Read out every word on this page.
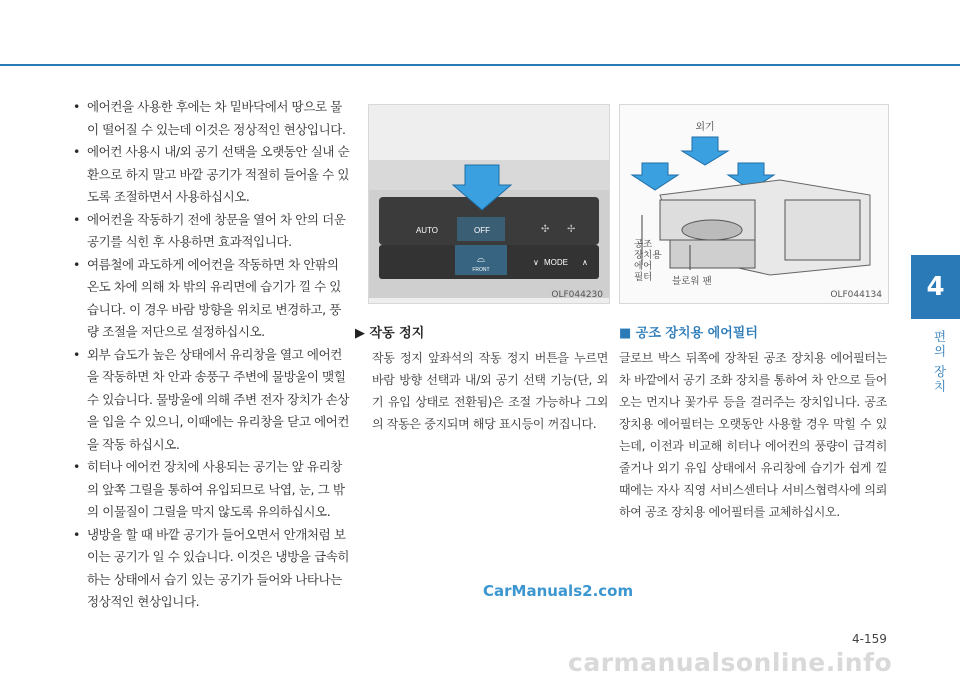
• 에어컨을 사용한 후에는 차 밑바닥에서 땅으로 물이 떨어질 수 있는데 이것은 정상적인 현상입니다.
• 에어컨 사용시 내/외 공기 선택을 오랫동안 실내 순환으로 하지 말고 바깥 공기가 적절히 들어올 수 있도록 조절하면서 사용하십시오.
• 에어컨을 작동하기 전에 창문을 열어 차 안의 더운 공기를 식힌 후 사용하면 효과적입니다.
• 여름철에 과도하게 에어컨을 작동하면 차 안팎의 온도 차에 의해 차 밖의 유리면에 습기가 낄 수 있습니다. 이 경우 바람 방향을 위치로 변경하고, 풍량 조절을 저단으로 설정하십시오.
• 외부 습도가 높은 상태에서 유리창을 열고 에어컨을 작동하면 차 안과 송풍구 주변에 물방울이 맺힐 수 있습니다. 물방울에 의해 주변 전자 장치가 손상을 입을 수 있으니, 이때에는 유리창을 닫고 에어컨을 작동 하십시오.
• 히터나 에어컨 장치에 사용되는 공기는 앞 유리창의 앞쪽 그릴을 통하여 유입되므로 낙엽, 눈, 그 밖의 이물질이 그릴을 막지 않도록 유의하십시오.
• 냉방을 할 때 바깥 공기가 들어오면서 안개처럼 보이는 공기가 일 수 있습니다. 이것은 냉방을 급속히 하는 상태에서 습기 있는 공기가 들어와 나타나는 정상적인 현상입니다.
AUTO	OFF	✣ ✢
⌓
FRONT
MODE
∨	∧
OLF044230
외기
공조
장치용
에어
필터	블로워 팬
OLF044134
▶ 작동 정지

작동 정지 앞좌석의 작동 정지 버튼을 누르면 바람 방향 선택과 내/외 공기 선택 기능(단, 외기 유입 상태로 전환됨)은 조절 가능하나 그외의 작동은 중지되며 해당 표시등이 꺼집니다.

■ 공조 장치용 에어필터

글로브 박스 뒤쪽에 장착된 공조 장치용 에어필터는 차 바깥에서 공기 조화 장치를 통하여 차 안으로 들어오는 먼지나 꽃가루 등을 걸러주는 장치입니다. 공조 장치용 에어필터는 오랫동안 사용할 경우 막힐 수 있는데, 이전과 비교해 히터나 에어컨의 풍량이 급격히 줄거나 외기 유입 상태에서 유리창에 습기가 쉽게 낄 때에는 자사 직영 서비스센터나 서비스협력사에 의뢰하여 공조 장치용 에어필터를 교체하십시오.

4
편의 장치
CarManuals2.com
4-159
carmanualsonline.info
